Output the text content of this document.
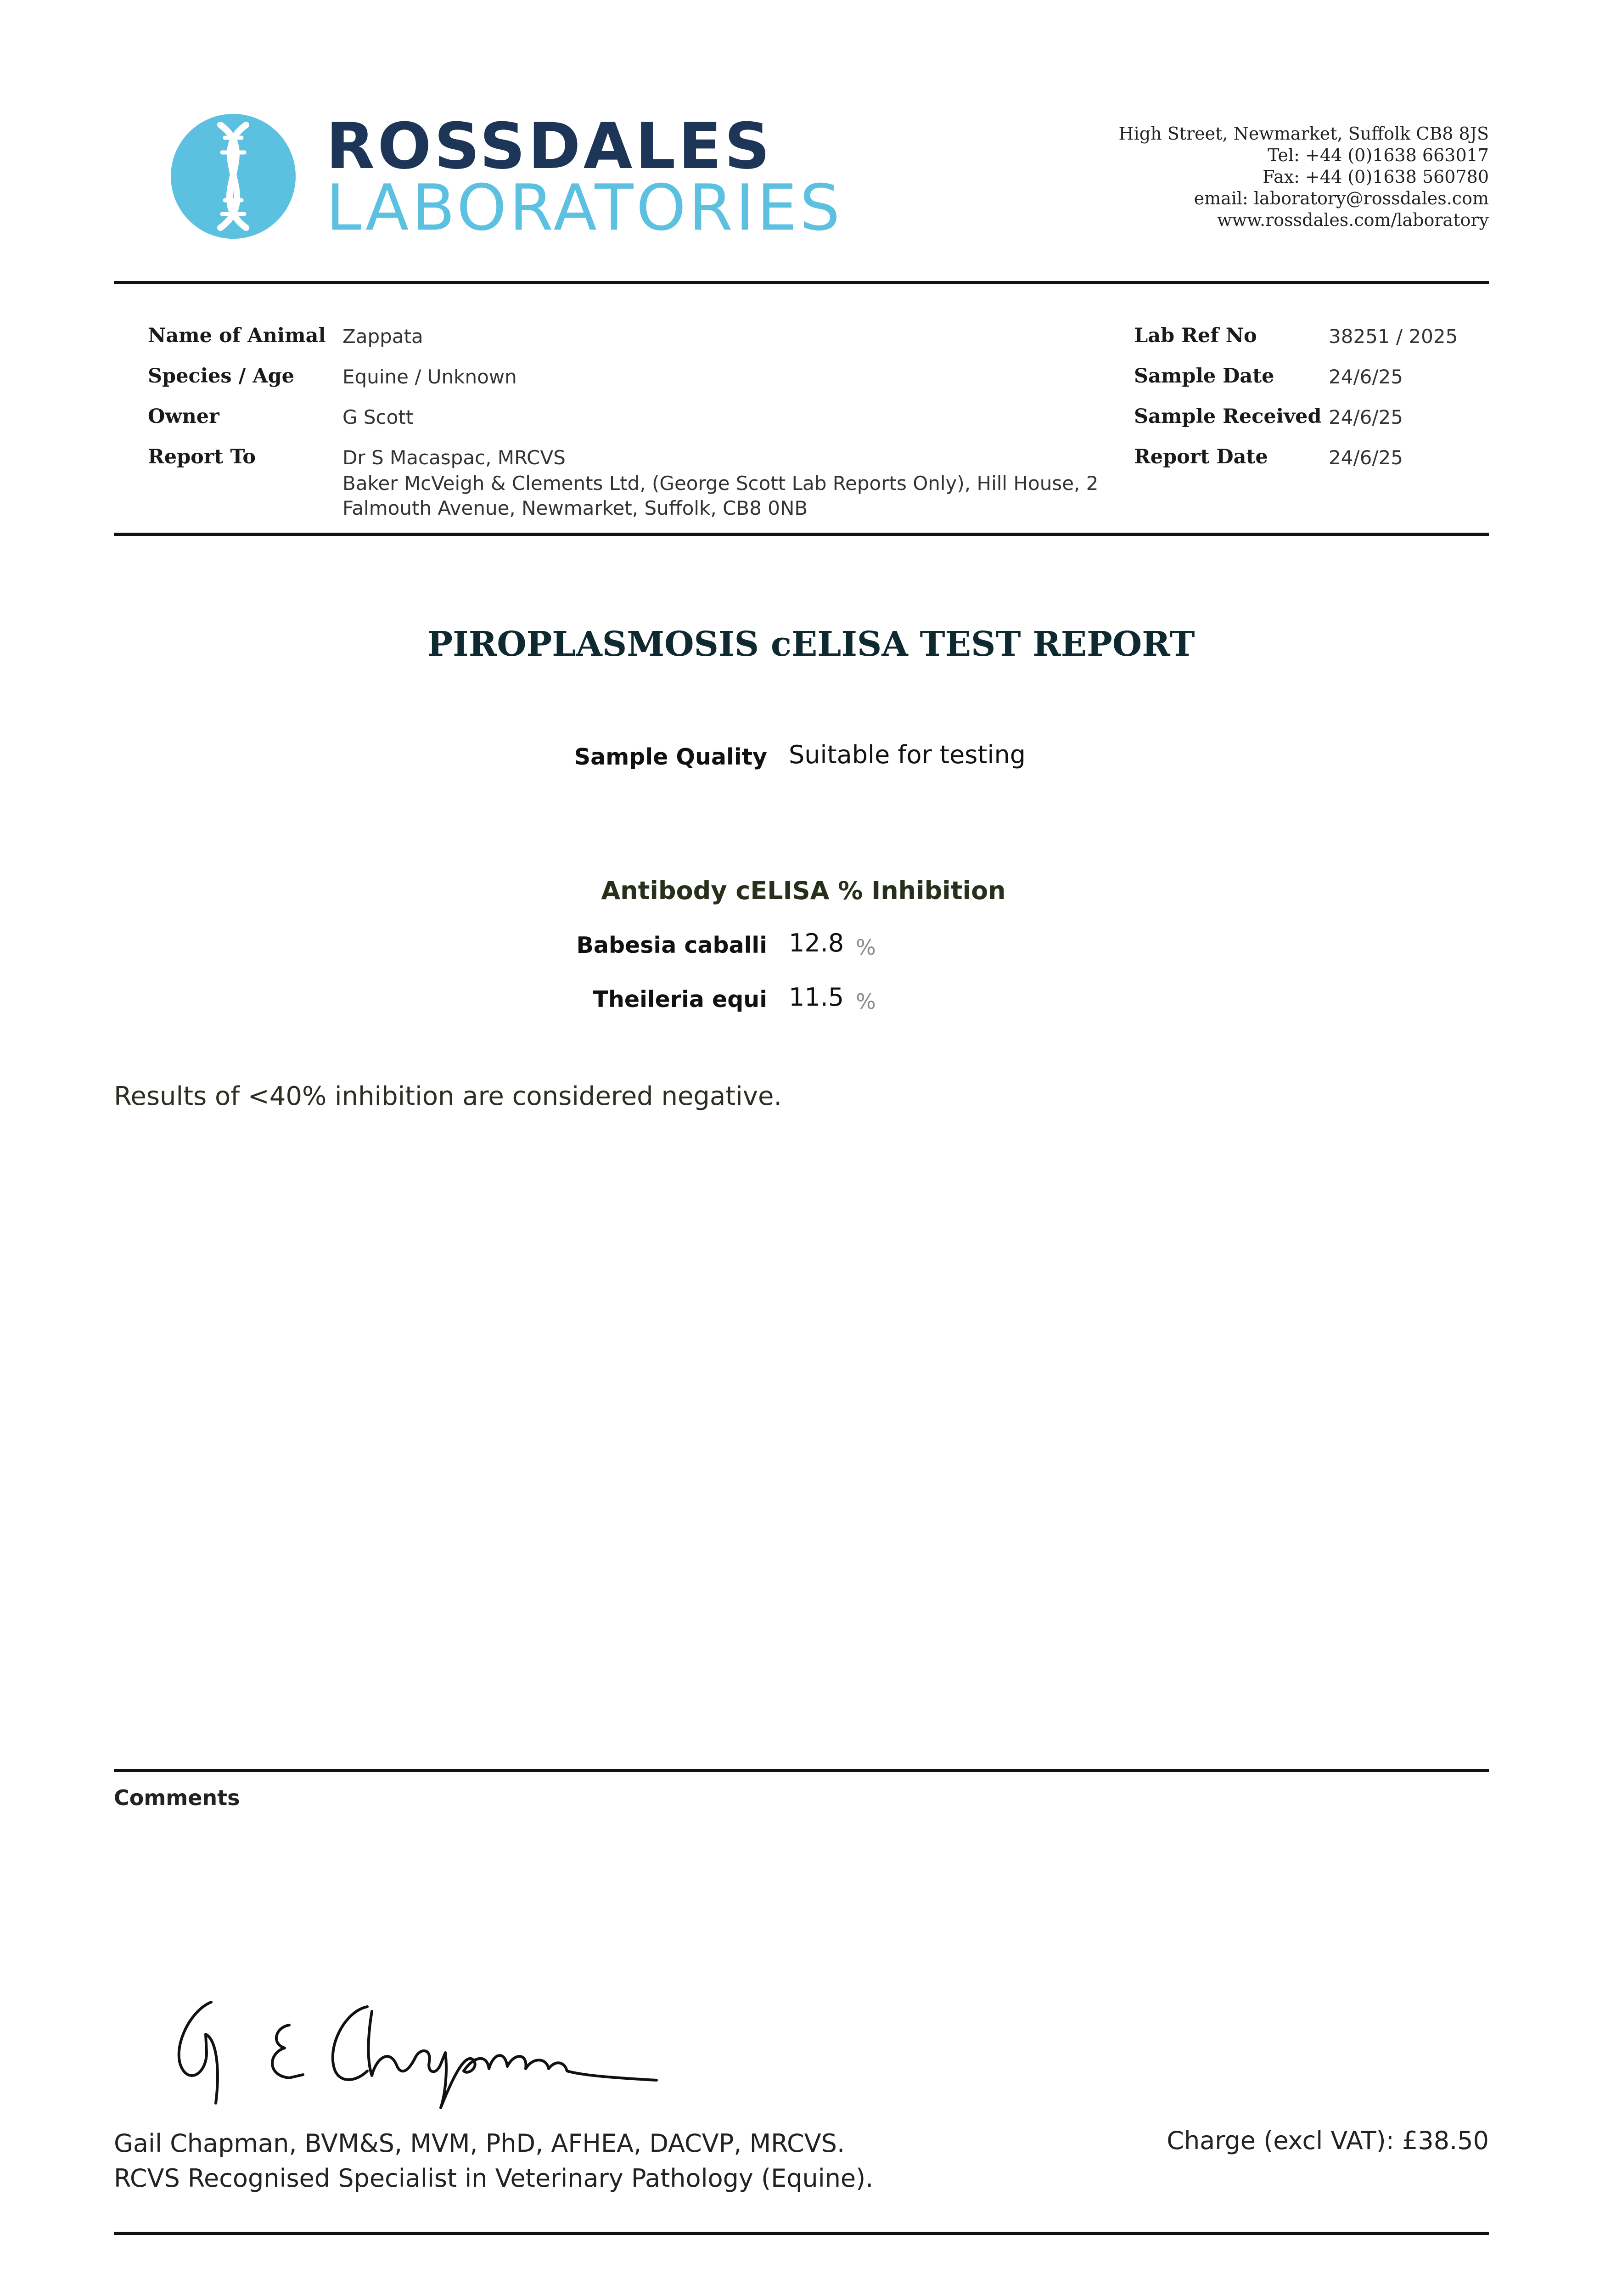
ROSSDALES
LABORATORIES
High Street, Newmarket, Suffolk CB8 8JS
Tel: +44 (0)1638 663017
Fax: +44 (0)1638 560780
email: laboratory@rossdales.com
www.rossdales.com/laboratory
Name of Animal Zappata
Species / Age	Equine / Unknown
Owner	G Scott
Report To	Dr S Macaspac, MRCVS
Baker McVeigh & Clements Ltd, (George Scott Lab Reports Only), Hill House, 2 Falmouth Avenue, Newmarket, Suffolk, CB8 0NB
Lab Ref No	38251 / 2025
Sample Date	24/6/25
Sample Received 24/6/25
Report Date	24/6/25
PIROPLASMOSIS cELISA TEST REPORT
Sample Quality Suitable for testing
Antibody cELISA % Inhibition
Babesia caballi 12.8 %
Theileria equi 11.5 %
Results of <40% inhibition are considered negative.
Comments
Gail Chapman, BVM&S, MVM, PhD, AFHEA, DACVP, MRCVS.
RCVS Recognised Specialist in Veterinary Pathology (Equine).
Charge (excl VAT): £38.50
